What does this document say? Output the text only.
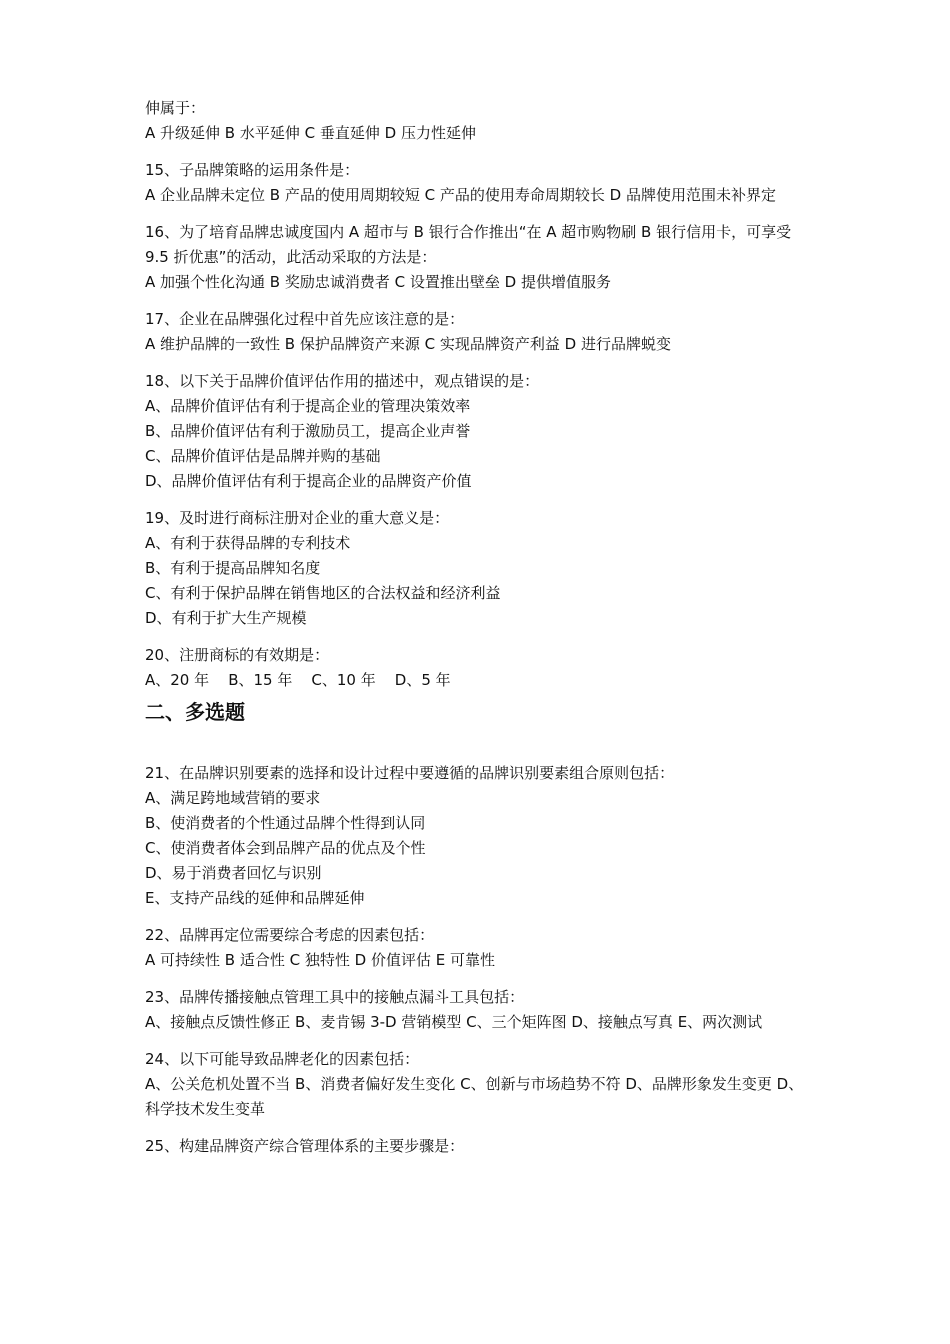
伸属于：
A 升级延伸 B 水平延伸 C 垂直延伸 D 压力性延伸
15、子品牌策略的运用条件是：
A 企业品牌未定位 B 产品的使用周期较短 C 产品的使用寿命周期较长 D 品牌使用范围未补界定
16、为了培育品牌忠诚度国内 A 超市与 B 银行合作推出“在 A 超市购物刷 B 银行信用卡，可享受 9.5 折优惠”的活动，此活动采取的方法是：
A 加强个性化沟通 B 奖励忠诚消费者 C 设置推出壁垒 D 提供增值服务
17、企业在品牌强化过程中首先应该注意的是：
A 维护品牌的一致性 B 保护品牌资产来源 C 实现品牌资产利益 D 进行品牌蜕变
18、以下关于品牌价值评估作用的描述中，观点错误的是：
A、品牌价值评估有利于提高企业的管理决策效率
B、品牌价值评估有利于激励员工，提高企业声誉
C、品牌价值评估是品牌并购的基础
D、品牌价值评估有利于提高企业的品牌资产价值
19、及时进行商标注册对企业的重大意义是：
A、有利于获得品牌的专利技术
B、有利于提高品牌知名度
C、有利于保护品牌在销售地区的合法权益和经济利益
D、有利于扩大生产规模
20、注册商标的有效期是：
A、20 年    B、15 年    C、10 年    D、5 年
二、多选题
21、在品牌识别要素的选择和设计过程中要遵循的品牌识别要素组合原则包括：
A、满足跨地域营销的要求
B、使消费者的个性通过品牌个性得到认同
C、使消费者体会到品牌产品的优点及个性
D、易于消费者回忆与识别
E、支持产品线的延伸和品牌延伸
22、品牌再定位需要综合考虑的因素包括：
A 可持续性 B 适合性 C 独特性 D 价值评估 E 可靠性
23、品牌传播接触点管理工具中的接触点漏斗工具包括：
A、接触点反馈性修正 B、麦肯锡 3-D 营销模型 C、三个矩阵图 D、接触点写真 E、两次测试
24、以下可能导致品牌老化的因素包括：
A、公关危机处置不当 B、消费者偏好发生变化 C、创新与市场趋势不符 D、品牌形象发生变更 D、科学技术发生变革
25、构建品牌资产综合管理体系的主要步骤是：
